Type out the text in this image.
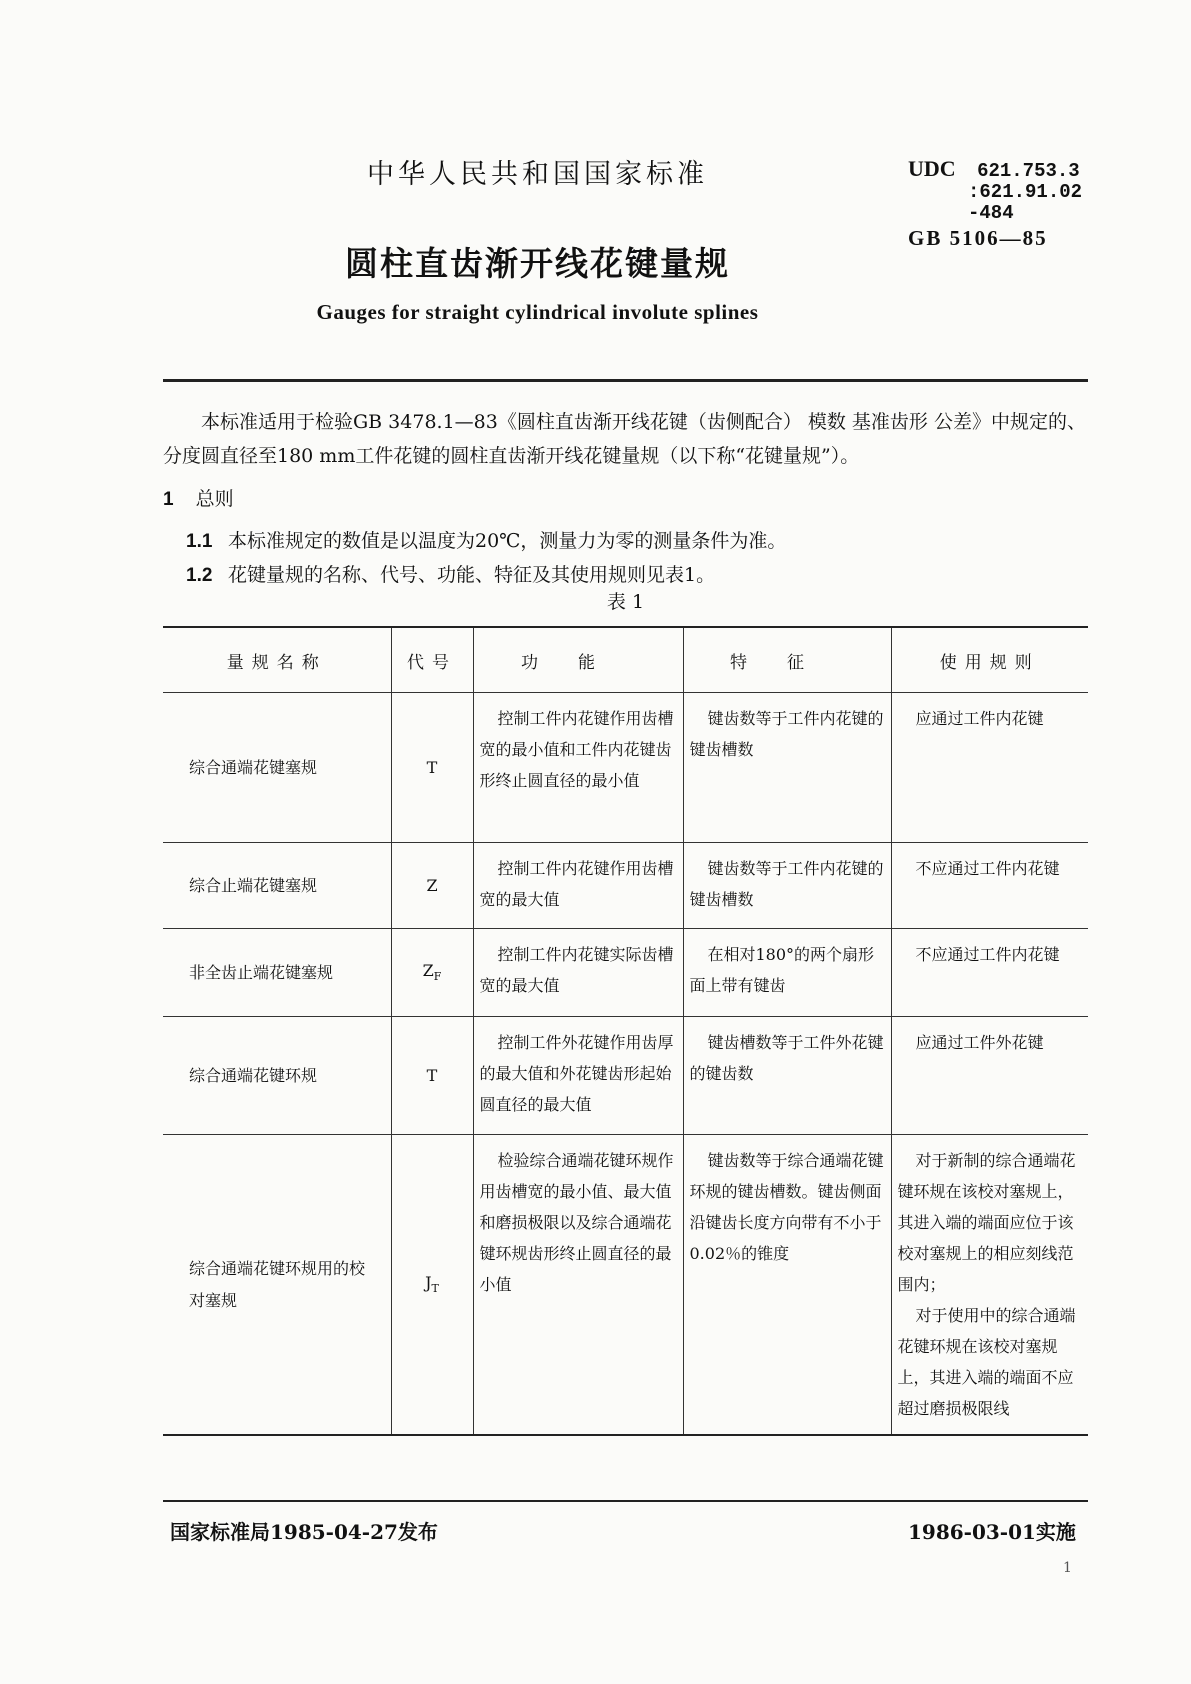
中华人民共和国国家标准	UDC 621.753.3
:621.91.02
-484
GB 5106—85
圆柱直齿渐开线花键量规
Gauges for straight cylindrical involute splines
本标准适用于检验GB 3478.1—83《圆柱直齿渐开线花键（齿侧配合） 模数 基准齿形 公差》中规定的、分度圆直径至180 mm工件花键的圆柱直齿渐开线花键量规（以下称“花键量规”）。
1 总则
1.1 本标准规定的数值是以温度为20℃，测量力为零的测量条件为准。
1.2 花键量规的名称、代号、功能、特征及其使用规则见表1。
表 1
量规名称	代号	功能	特征	使用规则
综合通端花键塞规	T	控制工件内花键作用齿槽宽的最小值和工件内花键齿形终止圆直径的最小值	键齿数等于工件内花键的键齿槽数	应通过工件内花键

综合止端花键塞规	Z	控制工件内花键作用齿槽宽的最大值	键齿数等于工件内花键的键齿槽数	不应通过工件内花键

非全齿止端花键塞规	$Z_F$	控制工件内花键实际齿槽宽的最大值	在相对180°的两个扇形面上带有键齿	不应通过工件内花键

综合通端花键环规	T	控制工件外花键作用齿厚的最大值和外花键齿形起始圆直径的最大值	键齿槽数等于工件外花键的键齿数	应通过工件外花键

综合通端花键环规用的校对塞规	$J_T$	检验综合通端花键环规作用齿槽宽的最小值、最大值和磨损极限以及综合通端花键环规齿形终止圆直径的最小值	键齿数等于综合通端花键环规的键齿槽数。键齿侧面沿键齿长度方向带有不小于0.02％的锥度	对于新制的综合通端花键环规在该校对塞规上，其进入端的端面应位于该校对塞规上的相应刻线范围内；

对于使用中的综合通端花键环规在该校对塞规上，其进入端的端面不应超过磨损极限线

国家标准局1985-04-27发布	1986-03-01实施
1
